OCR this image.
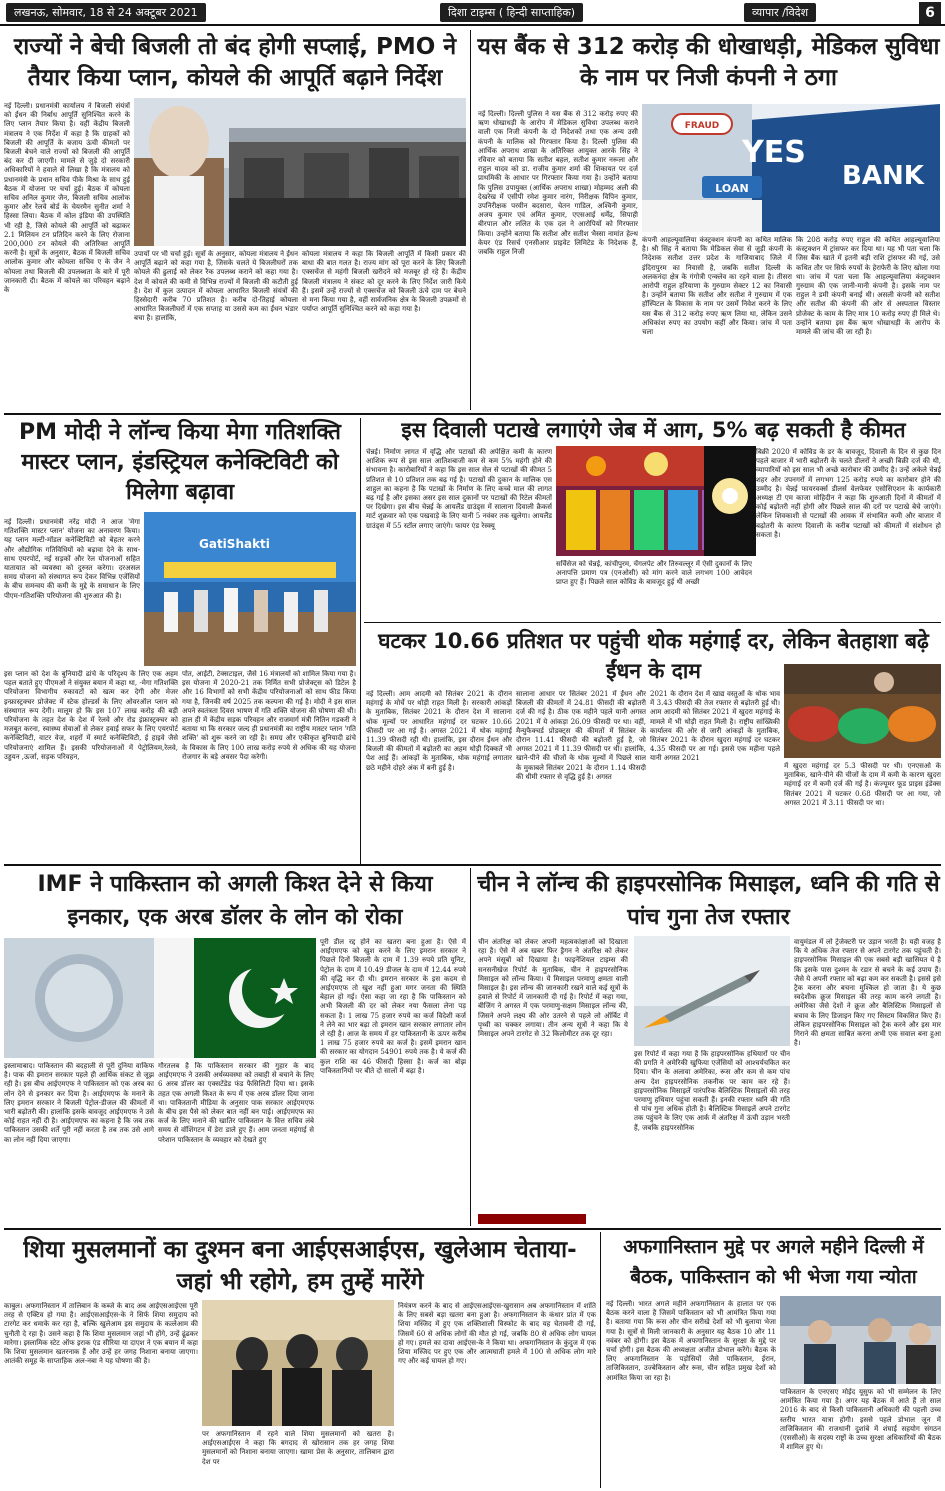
लखनऊ, सोमवार, 18 से 24 अक्टूबर 2021	दिशा टाइम्स ( हिन्दी साप्ताहिक)	व्यापार /विदेश	6
राज्यों ने बेची बिजली तो बंद होगी सप्लाई, PMO ने तैयार किया प्लान, कोयले की आपूर्ति बढ़ाने निर्देश
नई दिल्ली। प्रधानमंत्री कार्यालय ने बिजली संयंत्रों को ईंधन की निर्बाध आपूर्ति सुनिश्चित करने के लिए प्लान तैयार किया है। वहीं केंद्रीय बिजली मंत्रालय ने एक निर्देश में कहा है कि ग्राहकों को बिजली की आपूर्ति के बजाय ऊंची कीमतों पर बिजली बेचने वाले राज्यों को बिजली की आपूर्ति बंद कर दी जाएगी। मामले से जुड़े दो सरकारी अधिकारियों ने हवाले से लिखा है कि मंत्रालय को प्रधानमंत्री के प्रधान सचिव पीके मिश्रा के साथ हुई बैठक में योजना पर चर्चा हुई। बैठक में कोयला सचिव अनिल कुमार जैन, बिजली सचिव आलोक कुमार और रेलवे बोर्ड के चेयरमैन सुनीत शर्मा ने हिस्सा लिया। बैठक में कोल इंडिया की उपस्थिति भी रही है, जिसे कोयले की आपूर्ति को बढ़ाकर 2.1 मिलियन टन प्रतिदिन करने के लिए रोजाना 200,000 टन कोयले की अतिरिक्त आपूर्ति करनी है। सूत्रों के अनुसार, बैठक में बिजली सचिव आलोक कुमार और कोयला सचिव ए के जैन ने कोयला तथा बिजली की उपलब्धता के बारे में पूरी जानकारी दी। बैठक में कोयले का परिवहन बढ़ाने के
उपायों पर भी चर्चा हुई। सूत्रों के अनुसार, कोयला मंत्रालय ने ईंधन आपूर्ति बढ़ाने को कहा गया है, जिसके चलते ये बिजलीघरों तक कोयले की ढुलाई को लेकर रैक उपलब्ध कराने को कहा गया है। देश में कोयले की कमी से विभिन्न राज्यों में बिजली की कटौती हुई है। देश में कुल उत्पादन में कोयला आधारित बिजली संयंत्रों की हिस्सेदारी करीब 70 प्रतिशत है। करीब दो-तिहाई कोयला आधारित बिजलीघरों में एक सप्ताह या उससे कम का ईंधन भंडार बचा है। हालांकि,
कोयला मंत्रालय ने कहा कि बिजली आपूर्ति में किसी प्रकार की बाधा की बात गलत है। राज्य मांग को पूरा करने के लिए बिजली एक्सचेंज से महंगी बिजली खरीदने को मजबूर हो रहे हैं। केंद्रीय बिजली मंत्रालय ने संकट को दूर करने के लिए निर्देश जारी किये हैं। इसमें उन्हें राज्यों से एक्सचेंज को बिजली ऊंचे दाम पर बेचने से मना किया गया है, वहीं सार्वजनिक क्षेत्र के बिजली उपक्रमों से पर्याप्त आपूर्ति सुनिश्चित करने को कहा गया है।
यस बैंक से 312 करोड़ की धोखाधड़ी, मेडिकल सुविधा के नाम पर निजी कंपनी ने ठगा
नई दिल्ली। दिल्ली पुलिस ने यस बैंक से 312 करोड़ रुपए की ऋण धोखाधड़ी के आरोप में मेडिकल सुविधा उपलब्ध कराने वाली एक निजी कंपनी के दो निदेशकों तथा एक अन्य उसी कंपनी के मालिक को गिरफ्तार किया है। दिल्ली पुलिस की आर्थिक अपराध शाखा के अतिरिक्त आयुक्त आरके सिंह ने रविवार को बताया कि सतीश बहल, सतीश कुमार नरूला और राहुल यादव को डा. राजीव कुमार शर्मा की शिकायत पर दर्ज प्राथमिकी के आधार पर गिरफ्तार किया गया है। उन्होंने बताया कि पुलिस उपायुक्त (आर्थिक अपराध शाखा) मोहम्मद अली की देखरेख में एसीपी रमेश कुमार नारंग, निरीक्षक विपिन कुमार, उपनिरीक्षक परवीन बदसारा, चेतन गाडिल, अश्विनी कुमार, अजय कुमार एवं अमित कुमार, एएसआई धर्मेंद्र, सिपाही बीरपाल और ललित के एक दल ने आरोपियों को गिरफ्तार किया। उन्होंने बताया कि सतीश और सतीश भैस्सा नामांत हेल्थ केयर एंड रिसर्च एनसीआर प्राइवेट लिमिटेड के निदेशक हैं, जबकि राहुल निजी
FRAUD
YES
BANK
LOAN
कंपनी आहल्यूवालिया कंस्ट्रक्शन कंपनी का कथित मालिक है। श्री सिंह ने बताया कि मेडिकल सेवा से जुड़ी कंपनी के निदेशक सतीश उत्तर प्रदेश के गाजियाबाद जिले में इंदिरापुरम का निवासी है, जबकि सतीश दिल्ली के अलकनंदा क्षेत्र के गंगोत्री एन्क्लेव का रहने वाला है। तीसरा आरोपी राहुल हरियाणा के गुरुग्राम सेक्टर 12 का निवासी है। उन्होंने बताया कि सतीश और सतीश ने गुरुग्राम में एक हॉस्पिटल के विकास के नाम पर उसमें निवेश करने के लिए यस बैंक से 312 करोड़ रुपए ऋण लिया था, लेकिन उसने अधिकांश रुपए का उपयोग कहीं और किया। जांच में पता चला
कि 208 करोड़ रुपए राहुल की कथित आहल्यूवालिया कंस्ट्रक्शन में ट्रांसफर कर दिया था। यह भी पता चला कि जिस बैंक खाते में इतनी बड़ी राशि ट्रांसफर की गई, उसे कथित तौर पर सिर्फ रुपयों के हेराफेरी के लिए खोला गया था। जांच में पता चला कि आहल्यूवालिया कंस्ट्रक्शन गुरुग्राम की एक जानी-मानी कंपनी है। इसके नाम पर राहुल ने डमी कंपनी बनाई थी। असली कंपनी को सतीश और सतीश की कंपनी की ओर से अस्पताल विस्तार प्रोजेक्ट के काम के लिए मात्र 10 करोड़ रुपए ही मिले थे। उन्होंने बताया इस बैंक ऋण धोखाधड़ी के आरोप के मामले की जांच की जा रही है।
PM मोदी ने लॉन्च किया मेगा गतिशक्ति मास्टर प्लान, इंडस्ट्रियल कनेक्टिविटी को मिलेगा बढ़ावा
नई दिल्ली। प्रधानमंत्री नरेंद्र मोदी ने आज 'मेगा गतिशक्ति मास्टर प्लान' योजना का अनावरण किया। यह प्लान मल्टी-मॉडल कनेक्टिविटी को बेहतर करने और औद्योगिक गतिविधियों को बढ़ावा देने के साथ-साथ एयरपोर्ट, नई सड़कों और रेल योजनाओं सहित यातायात को व्यवस्था को दुरुस्त करेगा। दरअसल समग्र योजना को संस्थागत रूप देकर विभिन्न एजेंसियों के बीच समन्वय की कमी के मुद्दे के समाधान के लिए पीएम-गतिशक्ति परियोजना की शुरुआत की है।
GatiShakti
इस प्लान को देश के बुनियादी ढांचे के परिदृश्य के लिए एक अहम पहल बताते हुए पीएमओ ने संयुक्त बयान में कहा था, -मेगा गतिशक्ति परियोजना विभागीय रुकावटों को खत्म कर देगी और मेजर इन्फ्रास्ट्रक्चर प्रोजेक्ट में स्टेक होल्डर्स के लिए ओवरऑल प्लान को संस्थागत रूप देगी। मालूम हो कि इस 107 लाख करोड़ की बड़ी परियोजना के तहत देश के देश में रेलवे और रोड इंफ्रास्ट्रक्चर को मजबूत करना, स्वास्थ्य सेवाओं से लेकर हवाई सफर के लिए एयरपोर्ट कनेक्टिविटी, वाटर वेज, शहरों में स्मार्ट कनेक्टिविटी, ई हाइवे जैसे परियोजनाएं शामिल हैं। इसकी परियोजनाओं में पेट्रोलियम,रेलवे, उड्डयन ,ऊर्जा, सड़क परिवहन,
पोत, आईटी, टेक्सटाइल, जैसे 16 मंत्रालयों को शामिल किया गया है। इस योजना में 2020-21 तक निर्मित सभी प्रोजेक्ट्स को डिटेल है और 16 विभागों को सभी केंद्रीय परियोजनाओं को साथ फीड किया गया है, जिनकी वर्ष 2025 तक कल्पना की गई है। मोदी ने इस साल अपने स्वतंत्रता दिवस भाषण में गति शक्ति योजना की घोषणा की थी। हाल ही में केंद्रीय सड़क परिवहन और राजमार्ग मंत्री नितिन गडकरी ने बताया था कि सरकार जल्द ही प्रधानमंत्री का राष्ट्रीय मास्टर प्लान 'गति शक्ति' को शुरू करने जा रही है। समग्र और एकीकृत बुनियादी ढांचे के विकास के लिए 100 लाख करोड़ रुपये से अधिक की यह योजना रोजगार के बड़े अवसर पैदा करेगी।
इस दिवाली पटाखे लगाएंगे जेब में आग, 5% बढ़ सकती है कीमत
चेन्नई। निर्माण लागत में वृद्धि और पटाखों की अपेक्षित कमी के कारण आशिक रूप से इस साल आतिशबाजी कम से कम 5% महंगी होने की संभावना है। कारोबारियों ने कहा कि इस साल सेल से पटाखों की कीमत 5 प्रतिशत से 10 प्रतिशत तक बढ़ गई है। पटाखों की दुकान के मालिक एस शाहुल का कहना है कि पटाखों के निर्माण के लिए कच्चे माल की लागत बढ़ गई है और इसका असर इस साल दुकानों पर पटाखों की रिटेल कीमतों पर दिखेगा। इस बीच चेन्नई के आयलैंड ग्राउंड्स में सालाना दिवाली क्रैकर्स मार्ट शुक्रवार को एक पखवाड़े के लिए यानी 5 नवंबर तक खुलेगा। आयलैंड ग्राउंड्स में 55 स्टॉल लगाए जाएंगे। फायर एंड रेस्क्यू
सर्विसेज को चेन्नई, कांचीपुरम, चेंगलपेट और तिरुवल्लूर में ऐसी दुकानों के लिए अनापत्ति प्रमाण पत्र (एनओसी) को मांग करने वाले लगभग 100 आवेदन प्राप्त हुए हैं। पिछले साल कोविड के बावजूद हुई थी अच्छी
बिक्री 2020 में कोविड के डर के बावजूद, दिवाली के दिन से कुछ दिन पहले बाजार में भारी बढ़ोतरी के चलते डीलरों ने अच्छी बिक्री दर्ज की थी, व्यापारियों को इस साल भी अच्छे कारोबार की उम्मीद है। उन्हें अकेले चेन्नई शहर और उपनगरों में लगभग 125 करोड़ रुपये का कारोबार होने की उम्मीद है। चेन्नई फायरवर्क्स डीलर्स वेलफेयर एसोसिएशन के कार्यकारी अध्यक्ष टी एम काजा मोहिदीन ने कहा कि शुरुआती दिनों में कीमतों में कोई बढ़ोतरी नहीं होगी और पिछले साल की दरों पर पटाखे बेचे जाएंगे। लेकिन शिवकाशी से पटाखों की आवक में संभावित कमी और बाजार में बढ़ोतरी के कारण दिवाली के करीब पटाखों को कीमतों में संशोधन हो सकता है।
घटकर 10.66 प्रतिशत पर पहुंची थोक महंगाई दर, लेकिन बेतहाशा बढ़े ईंधन के दाम
नई दिल्ली। आम आदमी को सितंबर 2021 के दौरान महंगाई के मोर्चे पर थोड़ी राहत मिली है। सरकारी आंकड़ों के मुताबिक, सितंबर 2021 के दौरान देश में सालाना थोक मूल्यों पर आधारित महंगाई दर घटकर 10.66 फीसदी पर आ गई है। अगस्त 2021 में थोक महंगाई 11.39 फीसदी रही थी। हालांकि, इस दौरान ईंधन और बिजली की कीमतों में बढ़ोतरी का अहम थोड़ी दिक्कतें भी पेश आई हैं। आंकड़ों के मुताबिक, थोक महंगाई लगातार छठे महीने दोहरे अंक में बनी हुई है।
सालाना आधार पर सितंबर 2021 में ईंधन और बिजली की कीमतों में 24.81 फीसदी की बढ़ोतरी दर्ज की गई है। ठीक एक महीने पहले यानी अगस्त 2021 में ये आंकड़ा 26.09 फीसदी पर था। वहीं, मैन्युफैक्चर्ड प्रोडक्ट्स की कीमतों में सितंबर के दौरान 11.41 फीसदी की बढ़ोतरी हुई है, जो अगस्त 2021 में 11.39 फीसदी पर थी। हालांकि, खाने-पीने की चीजों के थोक मूल्यों में पिछले साल के मुकाबले सितंबर 2021 के दौरान 1.14 फीसदी की धीमी रफ्तार से वृद्धि हुई है। अगस्त
2021 के दौरान देश में खाद्य वस्तुओं के थोक भाव में 3.43 फीसदी की तेज रफ्तार से बढ़ोतरी हुई थी। आम आदमी को सितंबर 2021 में खुदरा महंगाई के मामले में भी थोड़ी राहत मिली है। राष्ट्रीय सांख्यिकी कार्यालय की ओर से जारी आंकड़ों के मुताबिक, सितंबर 2021 के दौरान खुदरा महंगाई दर घटकर 4.35 फीसदी पर आ गई। इससे एक महीना पहले यानी अगस्त 2021
में खुदरा महंगाई दर 5.3 फीसदी पर थी। एनएसओ के मुताबिक, खाने-पीने की चीजों के दाम में कमी के कारण खुदरा महंगाई दर में कमी दर्ज की गई है। कंज्यूमर फूड प्राइस इंडेक्स सितंबर 2021 में घटकर 0.68 फीसदी पर आ गया, जो अगस्त 2021 में 3.11 फीसदी पर था।
IMF ने पाकिस्तान को अगली किश्त देने से किया इनकार, एक अरब डॉलर के लोन को रोका
इस्लामाबाद। पाकिस्तान की बदहाली से पूरी दुनिया वाकिफ है। पाक की इमरान सरकार पहले ही आर्थिक संकट से जूझ रही है। इस बीच आईएमएफ ने पाकिस्तान को एक अरब का लोन देने से इनकार कर दिया है। आईएमएफ के मनाने के लिए इमरान सरकार ने बिजली पेट्रोल-डीजल की कीमतों में भारी बढ़ोतरी की। हालांकि इसके बावजूद आईएमएफ ने उसे कोई राहत नहीं दी है। आईएमएफ का कहना है कि जब तक पाकिस्तान उसकी शर्तें पूरी नहीं करता है तब तक उसे आगे का लोन नहीं दिया जाएगा।
गौरतलब है कि पाकिस्तान सरकार की गुहार के बाद आईएमएफ ने उसकी अर्थव्यवस्था को तबाही से बचाने के लिए 6 अरब डॉलर का एक्सटेंडेड फंड फैसिलिटी दिया था। इसके तहत एक अगली किश्त के रूप में एक अरब डॉलर दिया जाना था। पाकिस्तानी मीडिया के अनुसार पाक सरकार आईएमएफ के बीच इस पैसे को लेकर बात नहीं बन पाई। आईएमएफ का कर्ज के लिए मनाने की खातिर पाकिस्तान के वित्त सचिव लंबे समय से वॉशिंगटन में डेरा डाले हुए हैं। आम जनता महंगाई से परेशान पाकिस्तान के व्यवहार को देखते हुए
पूरी डील रद्द होने का खतरा बना हुआ है। ऐसे में आईएमएफ को खुश करने के लिए इमरान सरकार ने पिछले दिनों बिजली के दाम में 1.39 रुपये प्रति यूनिट, पेट्रोल के दाम में 10.49 डीजल के दाम में 12.44 रुपये की वृद्धि कर दी थी। इमरान सरकार के इस कदम से आईएमएफ तो खुश नहीं हुआ मगर जनता की स्थिति बेहाल हो गई। ऐसा कहा जा रहा है कि पाकिस्तान को अभी बिजली की दर को लेकर नया फैसला लेना पड़ सकता है। 1 लाख 75 हजार रुपये का कर्ज विदेशी कर्ज ने लेने का भार बढ़ा तो इमरान खान सरकार लगातार लोन ले रही है। आज के समय में हर पाकिस्तानी के ऊपर करीब 1 लाख 75 हजार रुपये का कर्ज है। इसमें इमरान खान की सरकार का योगदान 54901 रुपये तक है। ये कर्ज की कुल राशि का 46 फीसदी हिस्सा है। कर्ज का बोझ पाकिस्तानियों पर बीते दो सालों में बढ़ा है।
चीन ने लॉन्च की हाइपरसोनिक मिसाइल, ध्वनि की गति से पांच गुना तेज रफ्तार
चीन अंतरिक्ष को लेकर अपनी महत्वकांक्षाओं को दिखाता रहा है। ऐसे में अब खबर फिर ड्रैगन ने अंतरिक्ष को लेकर अपने मंसूबों को दिखाया है। फाइनेंशियल टाइम्स की सनसनीखेज रिपोर्ट के मुताबिक, चीन ने हाइपरसोनिक मिसाइल को लॉन्च किया। ये मिसाइल परमाणु क्षमता वाली मिसाइल है। इस लॉन्च की जानकारी रखने वाले कई सूत्रों के हवाले से रिपोर्ट में जानकारी दी गई है। रिपोर्ट में कहा गया, बीजिंग ने अगस्त में एक परमाणु-सक्षम मिसाइल लॉन्च की, जिसने अपने लक्ष्य की ओर उतरने से पहले लो ऑर्बिट में पृथ्वी का चक्कर लगाया। तीन अन्य सूत्रों ने कहा कि ये मिसाइल अपने टारगेट से 32 किलोमीटर तक दूर रहा।
इस रिपोर्ट में कहा गया है कि हाइपरसोनिक हथियारों पर चीन की प्रगति ने अमेरिकी खुफिया एजेंसियों को आश्चर्यचकित कर दिया। चीन के अलावा अमेरिका, रूस और कम से कम पांच अन्य देश हाइपरसोनिक तकनीक पर काम कर रहे हैं। हाइपरसोनिक मिसाइलें पारंपरिक बैलिस्टिक मिसाइलों की तरह परमाणु हथियार पहुंचा सकती हैं। इनकी रफ्तार ध्वनि की गति से पांच गुना अधिक होती है। बैलिस्टिक मिसाइलें अपने टारगेट तक पहुंचने के लिए एक आर्क में अंतरिक्ष में ऊंची उड़ान भरती हैं, जबकि हाइपरसोनिक
वायुमंडल में लो ट्रेजेक्टरी पर उड़ान भरती है। यही वजह है कि ये अधिक तेज रफ्तार से अपने टारगेट तक पहुंचती है। हाइपरसोनिक मिसाइल की एक सबसे बड़ी खासियत ये है कि इसके पास दुश्मन के रडार से बचने के कई उपाय हैं। जैसे ये अपनी रफ्तार को बढ़ा कम कर सकती है। इससे इसे ट्रैक करना और बचना मुश्किल हो जाता है। ये कुछ स्वदेशीक क्रूज मिसाइल की तरह काम करने लगती है। अमेरिका जैसे देशों ने क्रूज और बैलिस्टिक मिसाइलों से बचाव के लिए डिजाइन किए गए सिस्टम विकसित किए हैं। लेकिन हाइपरसोनिक मिसाइल को ट्रैक करने और इस मार गिराने की क्षमता साबित करना अभी एक सवाल बना हुआ है।
शिया मुसलमानों का दुश्मन बना आईएसआईएस, खुलेआम चेताया- जहां भी रहोगे, हम तुम्हें मारेंगे
काबुल। अफगानिस्तान में तालिबान के कब्जे के बाद अब आईएसआईएस पूरी तरह से एक्टिव हो गया है। आईएसआईएस-के ने सिर्फ शिया समुदाय को टारगेट कर धमाके कर रहा है, बल्कि खुलेआम इस समुदाय के कत्लेआम की चुनौती दे रहा है। उसने कहा है कि शिया मुसलमान जहां भी होंगे, उन्हें ढूंढकर मारेगा। इस्लामिक स्टेट ऑफ इराक एंड सीरिया या दाएश ने एक बयान में कहा कि शिया मुसलमान खतरनाक हैं और उन्हें हर जगह निशाना बनाया जाएगा। आतंकी समूह के साप्ताहिक अल-नबा ने यह घोषणा की है।
पर अफगानिस्तान में रहने वाले शिया मुसलमानों को खतरा है। आईएसआईएस ने कहा कि बगदाद से खोरासान तक हर जगह शिया मुसलमानों को निशाना बनाया जाएगा। खामा प्रेस के अनुसार, तालिबान द्वारा देश पर
नियंत्रण करने के बाद से आईएसआईएस-खुरासान अब अफगानिस्तान में शांति के लिए सबसे बड़ा खतरा बना हुआ है। अफगानिस्तान के कंधार प्रांत में एक शिया मस्जिद में हुए एक शक्तिशाली विस्फोट के बाद यह चेतावनी दी गई, जिसमें 60 से अधिक लोगों की मौत हो गई, जबकि 80 से अधिक लोग घायल हो गए। हमले का दावा आईएस-के ने किया था। अफगानिस्तान के कुंदुज में एक शिया मस्जिद पर हुए एक और आत्मघाती हमले में 100 से अधिक लोग मारे गए और कई घायल हो गए।
अफगानिस्तान मुद्दे पर अगले महीने दिल्ली में बैठक, पाकिस्तान को भी भेजा गया न्योता
नई दिल्ली। भारत अगले महीने अफगानिस्तान के हालात पर एक बैठक करने वाला है जिसमें पाकिस्तान को भी आमंत्रित किया गया है। बताया गया कि रूस और चीन सरीखे देशों को भी बुलाया भेजा गया है। सूत्रों से मिली जानकारी के अनुसार यह बैठक 10 और 11 नवंबर को होगी। इस बैठक में अफगानिस्तान के सुरक्षा के मुद्दे पर चर्चा होगी। इस बैठक की अध्यक्षता अजीत डोभाल करेंगे। बैठक के लिए अफगानिस्तान के पड़ोसियों जैसे पाकिस्तान, ईरान, ताजिकिस्तान, उज्बेकिस्तान और रूस, चीन सहित प्रमुख देशों को आमंत्रित किया जा रहा है।
पाकिस्तान के एनएसए मोईद यूसुफ को भी सम्मेलन के लिए आमंत्रित किया गया है। अगर यह बैठक में आते हैं तो साल 2016 के बाद से किसी पाकिस्तानी अधिकारी की पहली उच्च स्तरीय भारत यात्रा होगी। इससे पहले डोभाल जून में ताजिकिस्तान की राजधानी दुशांबे में शंघाई सहयोग संगठन (एससीओ) के सदस्य राष्ट्रों के उच्च सुरक्षा अधिकारियों की बैठक में शामिल हुए थे।
